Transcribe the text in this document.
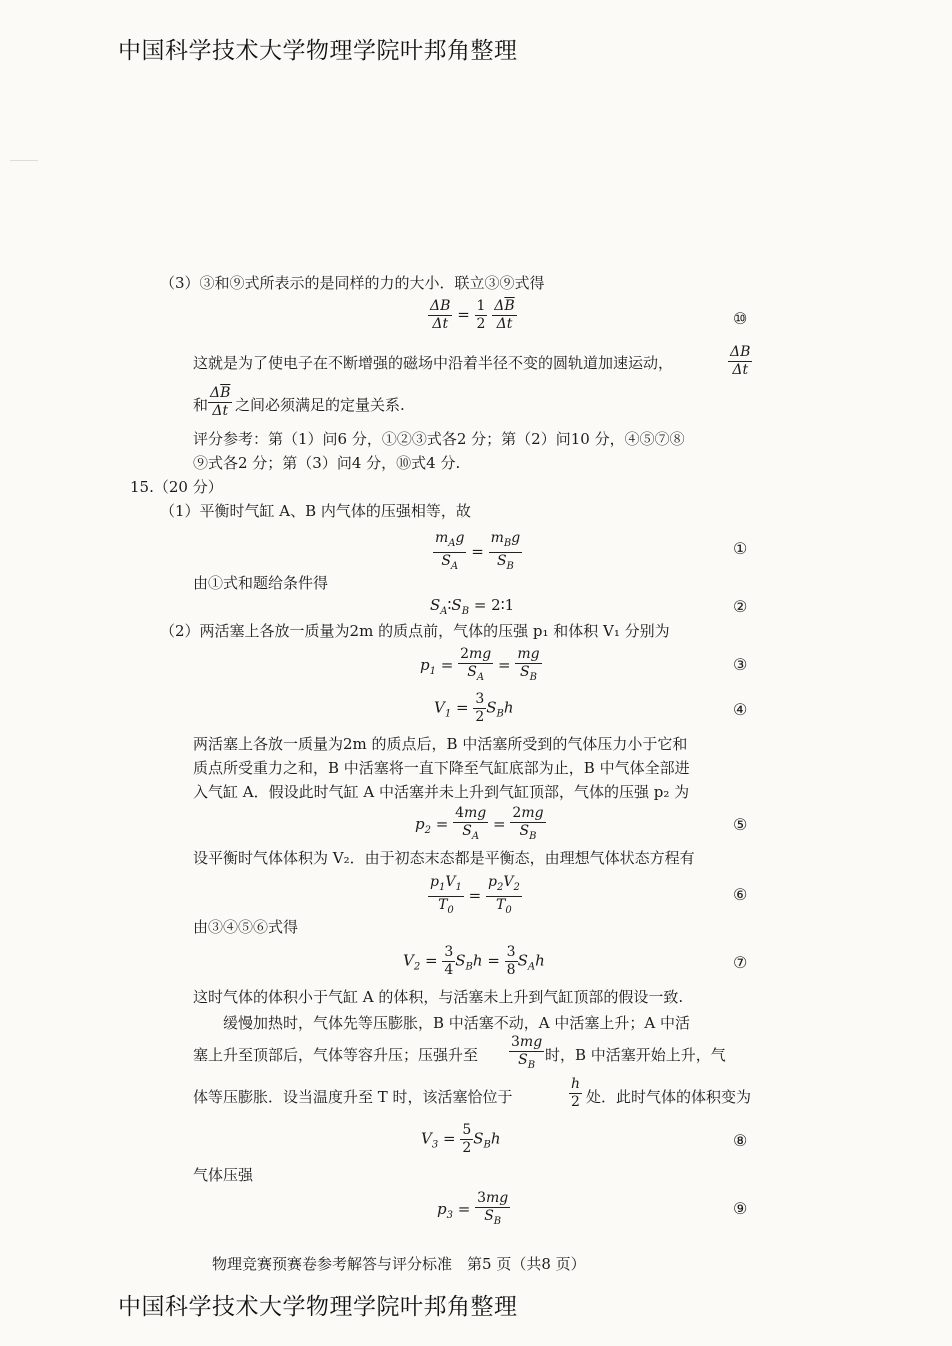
中国科学技术大学物理学院叶邦角整理
（3）③和⑨式所表示的是同样的力的大小．联立③⑨式得
$\frac{\Delta B}{\Delta t} = \frac{1}{2}$
$\frac{\Delta\overline{B}}{\Delta t}$	⑩
这就是为了使电子在不断增强的磁场中沿着半径不变的圆轨道加速运动，	$\frac{\Delta B}{\Delta t}$
和 $\frac{\Delta\overline{B}}{\Delta t}$ 之间必须满足的定量关系.
评分参考：第（1）问6 分，①②③式各2 分；第（2）问10 分，④⑤⑦⑧
⑨式各2 分；第（3）问4 分，⑩式4 分.
15.（20 分）
（1）平衡时气缸 A、B 内气体的压强相等，故
$\frac{m_Ag}{S_A} = \frac{m_Bg}{S_B}$	①
由①式和题给条件得
$S_A∶S_B$ = 2∶1	②
（2）两活塞上各放一质量为2m 的质点前，气体的压强 p₁ 和体积 V₁ 分别为
$p_1 = \frac{2mg}{S_A} = \frac{mg}{S_B}$	③
$V_1 = \frac{3}{2} S_Bh$	④
两活塞上各放一质量为2m 的质点后，B 中活塞所受到的气体压力小于它和
质点所受重力之和，B 中活塞将一直下降至气缸底部为止，B 中气体全部进
入气缸 A．假设此时气缸 A 中活塞并未上升到气缸顶部，气体的压强 p₂ 为
$p_2 = \frac{4mg}{S_A} = \frac{2mg}{S_B}$	⑤
设平衡时气体体积为 V₂．由于初态末态都是平衡态，由理想气体状态方程有
$\frac{p_1V_1}{T_0} = \frac{p_2V_2}{T_0}$	⑥
由③④⑤⑥式得
$V_2 = \frac{3}{4} S_Bh = \frac{3}{8} S_Ah$	⑦
这时气体的体积小于气缸 A 的体积，与活塞未上升到气缸顶部的假设一致.
　　缓慢加热时，气体先等压膨胀，B 中活塞不动，A 中活塞上升；A 中活
塞上升至顶部后，气体等容升压；压强升至 $\frac{3mg}{S_B}$ 时，B 中活塞开始上升，气
体等压膨胀．设当温度升至 T 时，该活塞恰位于	$\frac{h}{2}$ 处．此时气体的体积变为
$V_3 = \frac{5}{2} S_Bh$	⑧
气体压强
$p_3 = \frac{3mg}{S_B}$	⑨
物理竞赛预赛卷参考解答与评分标准　第5 页（共8 页）
中国科学技术大学物理学院叶邦角整理
